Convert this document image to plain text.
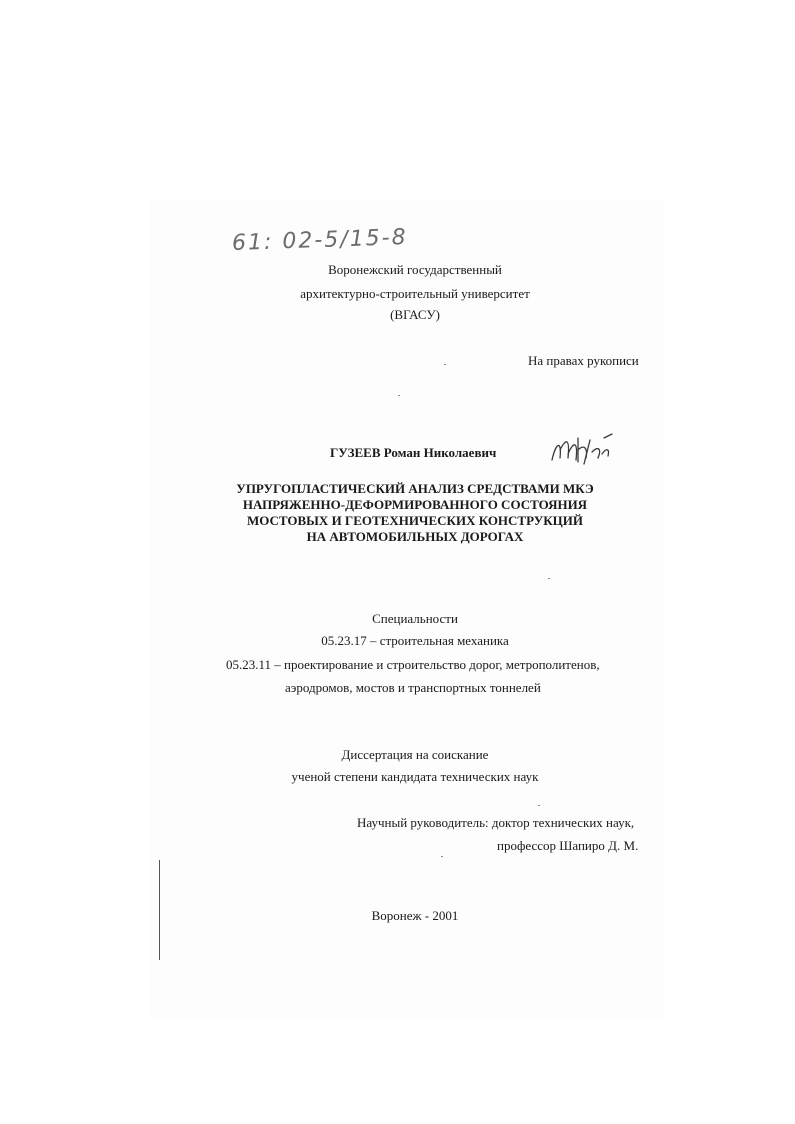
61: 02-5/15-8
Воронежский государственный
архитектурно-строительный университет
(ВГАСУ)
На правах рукописи
ГУЗЕЕВ Роман Николаевич
УПРУГОПЛАСТИЧЕСКИЙ АНАЛИЗ СРЕДСТВАМИ МКЭ
НАПРЯЖЕННО-ДЕФОРМИРОВАННОГО СОСТОЯНИЯ
МОСТОВЫХ И ГЕОТЕХНИЧЕСКИХ КОНСТРУКЦИЙ
НА АВТОМОБИЛЬНЫХ ДОРОГАХ
Специальности
05.23.17 – строительная механика
05.23.11 – проектирование и строительство дорог, метрополитенов,
аэродромов, мостов и транспортных тоннелей
Диссертация на соискание
ученой степени кандидата технических наук
Научный руководитель: доктор технических наук,
профессор Шапиро Д. М.
Воронеж - 2001
